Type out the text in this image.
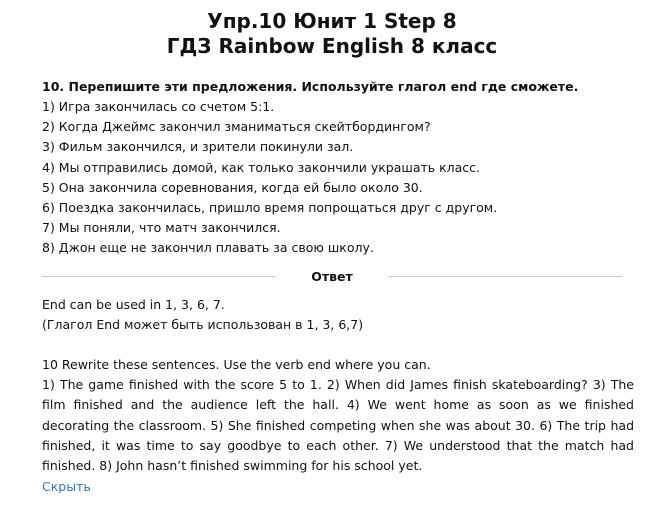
Упр.10 Юнит 1 Step 8
ГДЗ Rainbow English 8 класс
10. Перепишите эти предложения. Используйте глагол end где сможете.
1) Игра закончилась со счетом 5:1.
2) Когда Джеймс закончил зманиматься скейтбордингом?
3) Фильм закончился, и зрители покинули зал.
4) Мы отправились домой, как только закончили украшать класс.
5) Она закончила соревнования, когда ей было около 30.
6) Поездка закончилась, пришло время попрощаться друг с другом.
7) Мы поняли, что матч закончился.
8) Джон еще не закончил плавать за свою школу.
Ответ
End can be used in 1, 3, 6, 7.
(Глагол End может быть использован в 1, 3, 6,7)
10 Rewrite these sentences. Use the verb end where you can.
1) The game finished with the score 5 to 1. 2) When did James finish skateboarding? 3) The film finished and the audience left the hall. 4) We went home as soon as we finished decorating the classroom. 5) She finished competing when she was about 30. 6) The trip had finished, it was time to say goodbye to each other. 7) We understood that the match had finished. 8) John hasn’t finished swimming for his school yet.
Скрыть
